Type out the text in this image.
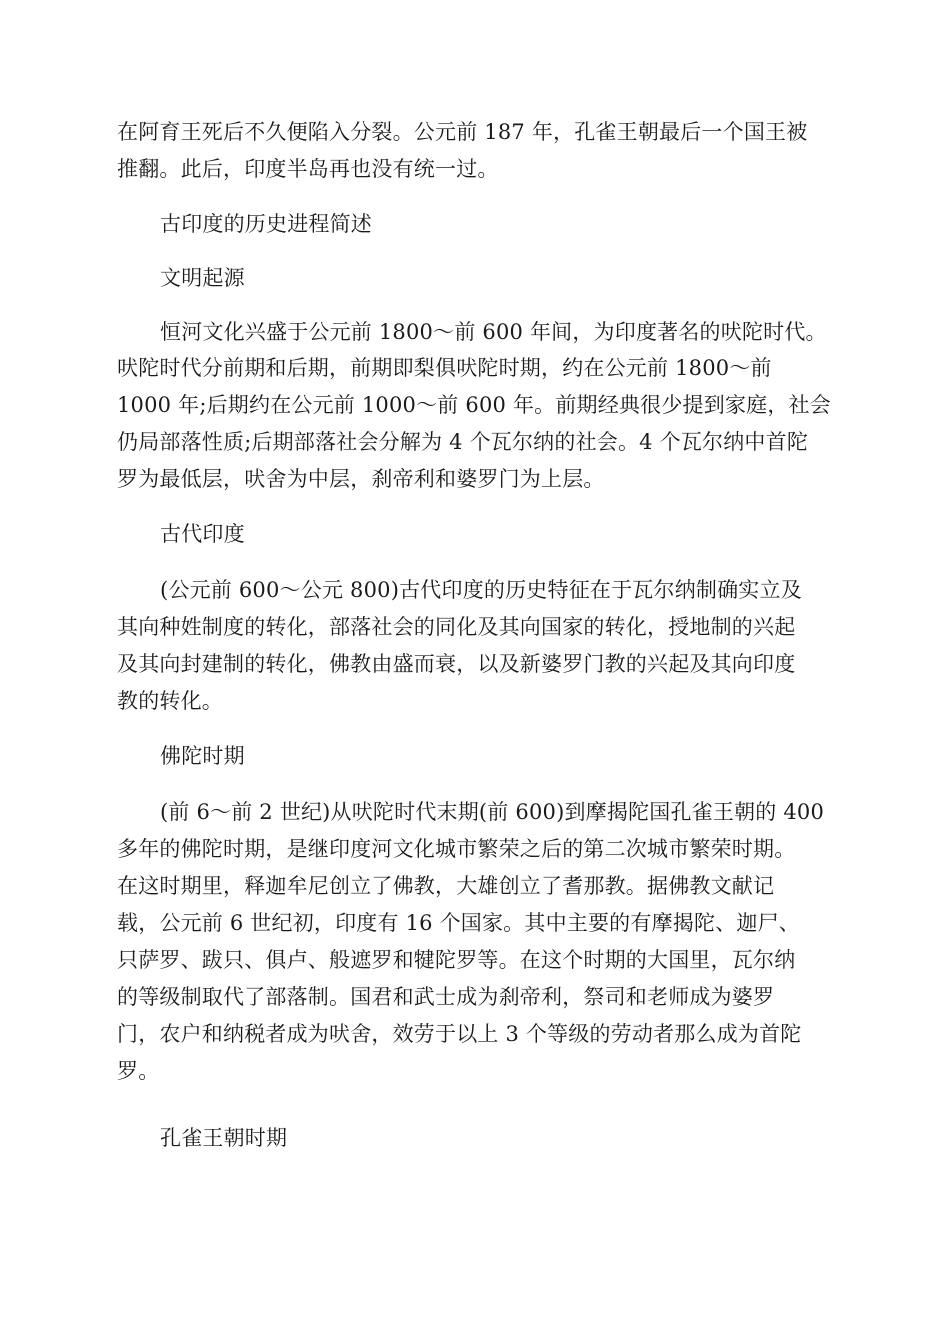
在阿育王死后不久便陷入分裂。公元前 187 年，孔雀王朝最后一个国王被
推翻。此后，印度半岛再也没有统一过。
古印度的历史进程简述
文明起源
恒河文化兴盛于公元前 1800～前 600 年间，为印度著名的吠陀时代。
吠陀时代分前期和后期，前期即梨俱吠陀时期，约在公元前 1800～前
1000 年;后期约在公元前 1000～前 600 年。前期经典很少提到家庭，社会
仍局部落性质;后期部落社会分解为 4 个瓦尔纳的社会。4 个瓦尔纳中首陀
罗为最低层，吠舍为中层，刹帝利和婆罗门为上层。
古代印度
(公元前 600～公元 800)古代印度的历史特征在于瓦尔纳制确实立及
其向种姓制度的转化，部落社会的同化及其向国家的转化，授地制的兴起
及其向封建制的转化，佛教由盛而衰，以及新婆罗门教的兴起及其向印度
教的转化。
佛陀时期
(前 6～前 2 世纪)从吠陀时代末期(前 600)到摩揭陀国孔雀王朝的 400
多年的佛陀时期，是继印度河文化城市繁荣之后的第二次城市繁荣时期。
在这时期里，释迦牟尼创立了佛教，大雄创立了耆那教。据佛教文献记
载，公元前 6 世纪初，印度有 16 个国家。其中主要的有摩揭陀、迦尸、
只萨罗、跋只、俱卢、般遮罗和犍陀罗等。在这个时期的大国里，瓦尔纳
的等级制取代了部落制。国君和武士成为刹帝利，祭司和老师成为婆罗
门，农户和纳税者成为吠舍，效劳于以上 3 个等级的劳动者那么成为首陀
罗。
孔雀王朝时期
